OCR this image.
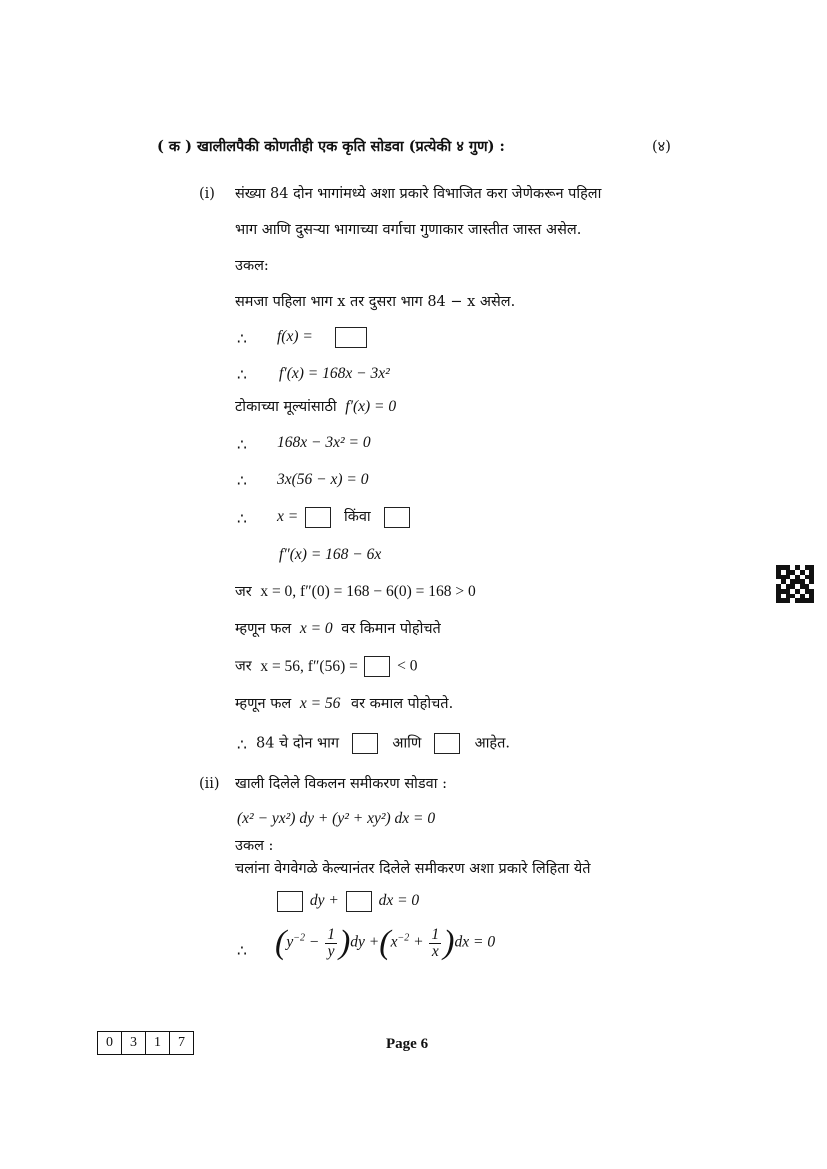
( क ) खालीलपैकी कोणतीही एक कृति सोडवा (प्रत्येकी ४ गुण) :	(४)
(i) संख्या 84 दोन भागांमध्ये अशा प्रकारे विभाजित करा जेणेकरून पहिला
भाग आणि दुसऱ्या भागाच्या वर्गाचा गुणाकार जास्तीत जास्त असेल.
उकल:
समजा पहिला भाग x तर दुसरा भाग 84 − x असेल.
∴ f(x) =
∴ f′(x) = 168x − 3x²
टोकाच्या मूल्यांसाठी f′(x) = 0
∴ 168x − 3x² = 0
∴ 3x(56 − x) = 0
∴ x =	किंवा
f″(x) = 168 − 6x
जर x = 0, f″(0) = 168 − 6(0) = 168 > 0
म्हणून फल x = 0 वर किमान पोहोचते
जर x = 56, f″(56) =	< 0
म्हणून फल x = 56 वर कमाल पोहोचते.
∴ 84 चे दोन भाग	आणि	आहेत.
(ii) खाली दिलेले विकलन समीकरण सोडवा :
(x² − yx²) dy + (y² + xy²) dx = 0
उकल :
चलांना वेगवेगळे केल्यानंतर दिलेले समीकरण अशा प्रकारे लिहिता येते
dy +	dx = 0
∴ $(y^{-2} - \frac{1}{y} )dy +(x^{-2} + \frac{1}{x} )dx = 0$
0	3	1	7	Page 6
